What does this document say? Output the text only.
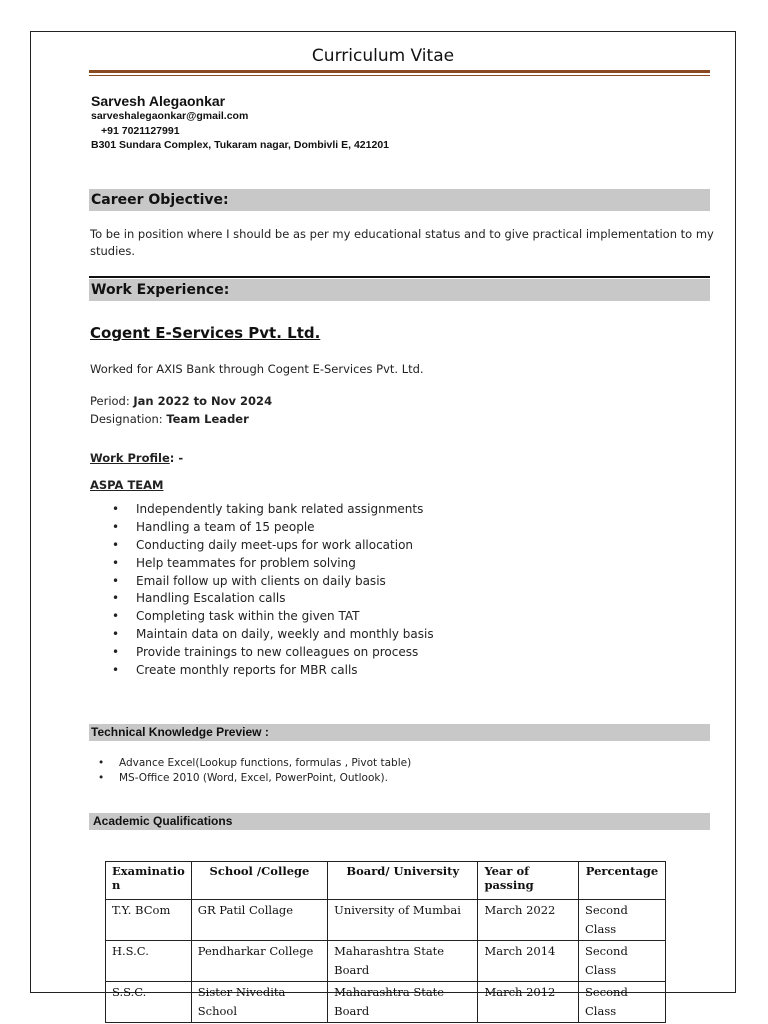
Curriculum Vitae
Sarvesh Alegaonkar
sarveshalegaonkar@gmail.com
+91 7021127991
B301 Sundara Complex, Tukaram nagar, Dombivli E, 421201
Career Objective:
To be in position where I should be as per my educational status and to give practical implementation to my studies.
Work Experience:
Cogent E-Services Pvt. Ltd.
Worked for AXIS Bank through Cogent E-Services Pvt. Ltd.
Period: Jan 2022 to Nov 2024
Designation: Team Leader
Work Profile: -
ASPA TEAM
• Independently taking bank related assignments
• Handling a team of 15 people
• Conducting daily meet-ups for work allocation
• Help teammates for problem solving
• Email follow up with clients on daily basis
• Handling Escalation calls
• Completing task within the given TAT
• Maintain data on daily, weekly and monthly basis
• Provide trainings to new colleagues on process
• Create monthly reports for MBR calls
Technical Knowledge Preview :
• Advance Excel(Lookup functions, formulas , Pivot table)
• MS-Office 2010 (Word, Excel, PowerPoint, Outlook).
Academic Qualifications
Examinatio n	School /College	Board/ University	Year of passing	Percentage
T.Y. BCom	GR Patil Collage	University of Mumbai	March 2022	Second Class
H.S.C.	Pendharkar College	Maharashtra State Board	March 2014	Second Class
S.S.C.	Sister Nivedita School	Maharashtra State Board	March 2012	Second Class
